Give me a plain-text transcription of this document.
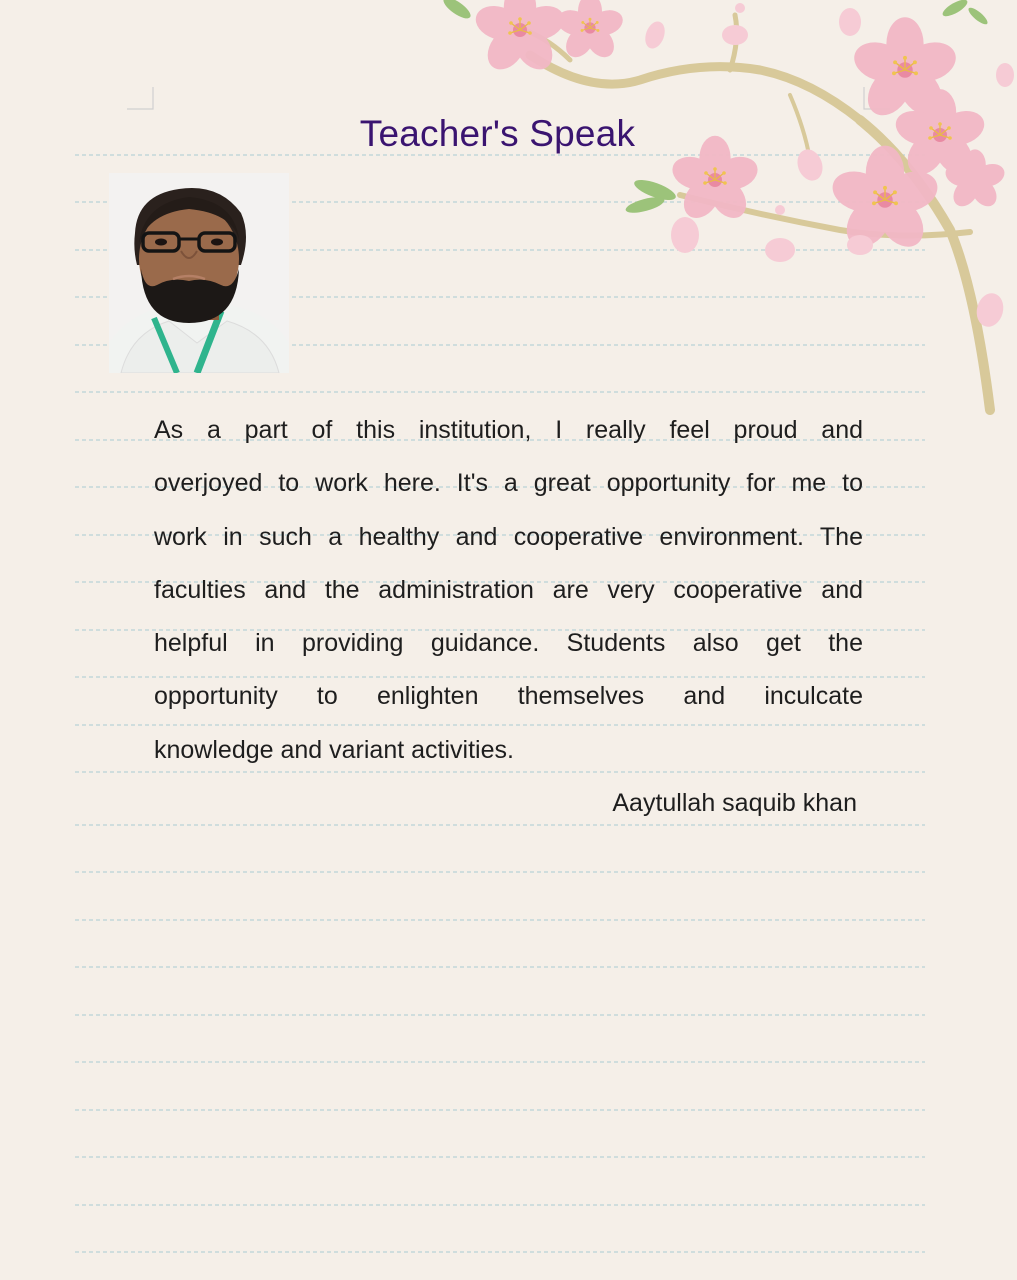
Teacher's Speak
As a part of this institution, I really feel proud and
overjoyed to work here. It's a great opportunity for me to
work in such a healthy and cooperative environment. The
faculties and the administration are very cooperative and
helpful in providing guidance. Students also get the
opportunity to enlighten themselves and inculcate
knowledge and variant activities.
Aaytullah saquib khan
